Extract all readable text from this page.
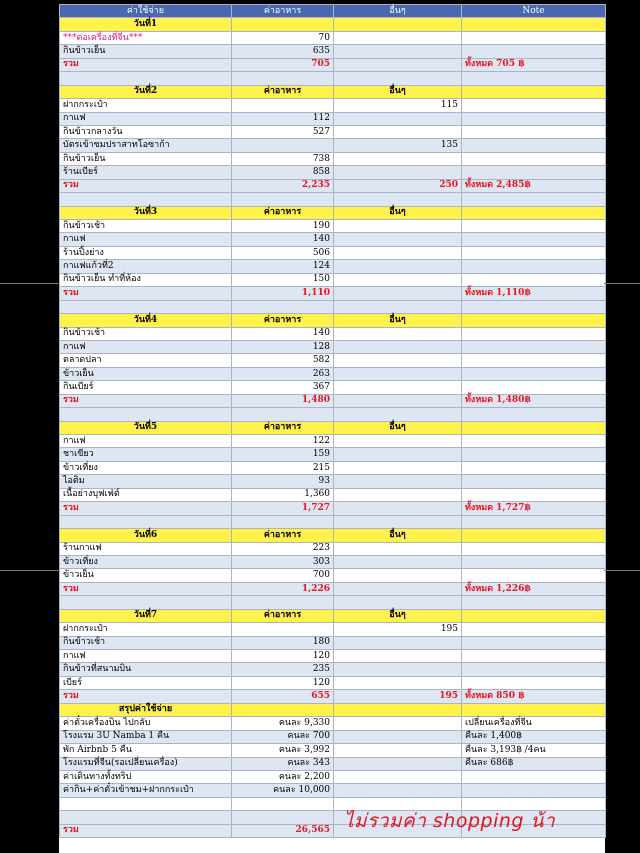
ค่าใช้จ่าย	ค่าอาหาร	อื่นๆ	Note
วันที่1			
***ต่อเครื่องที่จีน***	70		
กินข้าวเย็น	635		
รวม	705		ทั้งหมด 705 ฿

วันที่2	ค่าอาหาร	อื่นๆ	
ฝากกระเป๋า		115	
กาแฟ	112		
กินข้าวกลางวัน	527		
บัตรเข้าชมปราสาทโอซาก้า		135	
กินข้าวเย็น	738		
ร้านเบียร์	858		
รวม	2,235	250	ทั้งหมด 2,485฿

วันที่3	ค่าอาหาร	อื่นๆ	
กินข้าวเช้า	190		
กาแฟ	140		
ร้านปิ้งย่าง	506		
กาแฟแก้วที่2	124		
กินข้าวเย็น ทำที่ห้อง	150		
รวม	1,110		ทั้งหมด 1,110฿

วันที่4	ค่าอาหาร	อื่นๆ	
กินข้าวเช้า	140		
กาแฟ	128		
ตลาดปลา	582		
ข้าวเย็น	263		
กินเบียร์	367		
รวม	1,480		ทั้งหมด 1,480฿

วันที่5	ค่าอาหาร	อื่นๆ	
กาแฟ	122		
ชาเขียว	159		
ข้าวเที่ยง	215		
ไอติม	93		
เนื้อย่างบุฟเฟ่ต์	1,360		
รวม	1,727		ทั้งหมด 1,727฿

วันที่6	ค่าอาหาร	อื่นๆ	
ร้านกาแฟ	223		
ข้าวเที่ยง	303		
ข้าวเย็น	700		
รวม	1,226		ทั้งหมด 1,226฿

วันที่7	ค่าอาหาร	อื่นๆ	
ฝากกระเป๋า		195	
กินข้าวเช้า	180		
กาแฟ	120		
กินข้าวที่สนามบิน	235		
เบียร์	120		
รวม	655	195	ทั้งหมด 850 ฿
สรุปค่าใช้จ่าย			
ค่าตั๋วเครื่องบิน ไปกลับ	คนละ 9,330		เปลี่ยนเครื่องที่จีน
โรงแรม 3U Namba 1 คืน	คนละ 700		คืนละ 1,400฿
พัก Airbnb 5 คืน	คนละ 3,992		คืนละ 3,193฿ /4คน
โรงแรมที่จีน(รอเปลี่ยนเครื่อง)	คนละ 343		คืนละ 686฿
ค่าเดินทางทั้งทริป	คนละ 2,200		
ค่ากิน+ค่าตั๋วเข้าชม+ฝากกระเป๋า	คนละ 10,000		

รวม	26,565		ไม่รวมค่า shopping น้า
